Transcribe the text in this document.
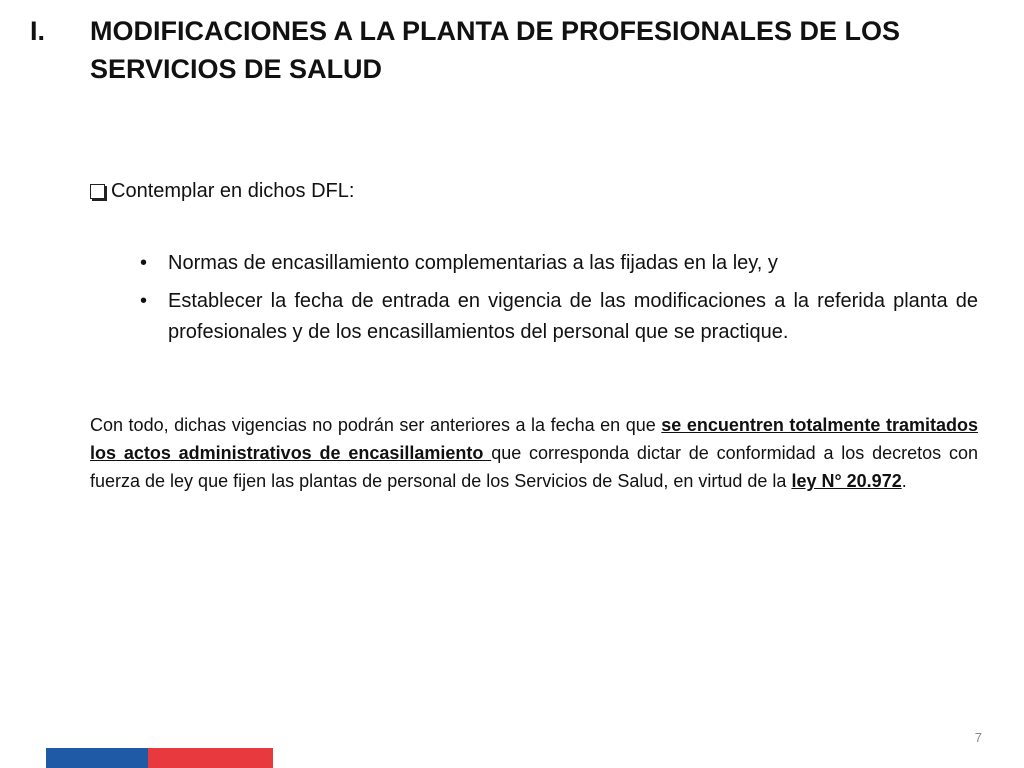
I. MODIFICACIONES A LA PLANTA DE PROFESIONALES DE LOS SERVICIOS DE SALUD
Contemplar en dichos DFL:
• Normas de encasillamiento complementarias a las fijadas en la ley, y
• Establecer la fecha de entrada en vigencia de las modificaciones a la referida planta de profesionales y de los encasillamientos del personal que se practique.

Con todo, dichas vigencias no podrán ser anteriores a la fecha en que se encuentren totalmente tramitados los actos administrativos de encasillamiento que corresponda dictar de conformidad a los decretos con fuerza de ley que fijen las plantas de personal de los Servicios de Salud, en virtud de la ley N° 20.972.

7
